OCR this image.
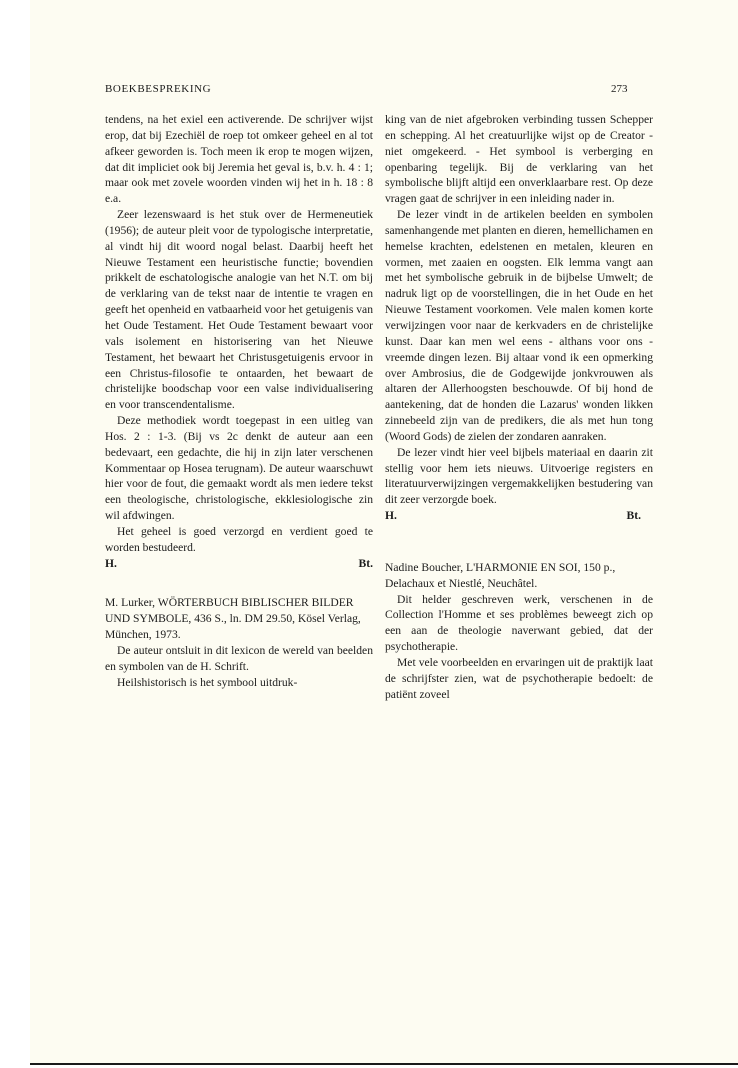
BOEKBESPREKING	273

tendens, na het exiel een activerende. De schrijver wijst erop, dat bij Ezechiël de roep tot omkeer geheel en al tot afkeer geworden is. Toch meen ik erop te mogen wijzen, dat dit impliciet ook bij Jeremia het geval is, b.v. h. 4 : 1; maar ook met zovele woorden vinden wij het in h. 18 : 8 e.a.

Zeer lezenswaard is het stuk over de Hermeneutiek (1956); de auteur pleit voor de typologische interpretatie, al vindt hij dit woord nogal belast. Daarbij heeft het Nieuwe Testament een heuristische functie; bovendien prikkelt de eschatologische analogie van het N.T. om bij de verklaring van de tekst naar de intentie te vragen en geeft het openheid en vatbaarheid voor het getuigenis van het Oude Testament. Het Oude Testament bewaart voor vals isolement en historisering van het Nieuwe Testament, het bewaart het Christusgetuigenis ervoor in een Christus-filosofie te ontaarden, het bewaart de christelijke boodschap voor een valse individualisering en voor transcendentalisme.

Deze methodiek wordt toegepast in een uitleg van Hos. 2 : 1-3. (Bij vs 2c denkt de auteur aan een bedevaart, een gedachte, die hij in zijn later verschenen Kommentaar op Hosea terugnam). De auteur waarschuwt hier voor de fout, die gemaakt wordt als men iedere tekst een theologische, christologische, ekklesiologische zin wil afdwingen.

Het geheel is goed verzorgd en verdient goed te worden bestudeerd.

H.	Bt.

M. Lurker, WÖRTERBUCH BIBLISCHER BILDER UND SYMBOLE, 436 S., ln. DM 29.50, Kösel Verlag, München, 1973.

De auteur ontsluit in dit lexicon de wereld van beelden en symbolen van de H. Schrift.

Heilshistorisch is het symbool uitdruk-

king van de niet afgebroken verbinding tussen Schepper en schepping. Al het creatuurlijke wijst op de Creator - niet omgekeerd. - Het symbool is verberging en openbaring tegelijk. Bij de verklaring van het symbolische blijft altijd een onverklaarbare rest. Op deze vragen gaat de schrijver in een inleiding nader in.

De lezer vindt in de artikelen beelden en symbolen samenhangende met planten en dieren, hemellichamen en hemelse krachten, edelstenen en metalen, kleuren en vormen, met zaaien en oogsten. Elk lemma vangt aan met het symbolische gebruik in de bijbelse Umwelt; de nadruk ligt op de voorstellingen, die in het Oude en het Nieuwe Testament voorkomen. Vele malen komen korte verwijzingen voor naar de kerkvaders en de christelijke kunst. Daar kan men wel eens - althans voor ons - vreemde dingen lezen. Bij altaar vond ik een opmerking over Ambrosius, die de Godgewijde jonkvrouwen als altaren der Allerhoogsten beschouwde. Of bij hond de aantekening, dat de honden die Lazarus' wonden likken zinnebeeld zijn van de predikers, die als met hun tong (Woord Gods) de zielen der zondaren aanraken.

De lezer vindt hier veel bijbels materiaal en daarin zit stellig voor hem iets nieuws. Uitvoerige registers en literatuurverwijzingen vergemakkelijken bestudering van dit zeer verzorgde boek.

H.	Bt.

Nadine Boucher, L'HARMONIE EN SOI, 150 p., Delachaux et Niestlé, Neuchâtel.

Dit helder geschreven werk, verschenen in de Collection l'Homme et ses problèmes beweegt zich op een aan de theologie naverwant gebied, dat der psychotherapie.

Met vele voorbeelden en ervaringen uit de praktijk laat de schrijfster zien, wat de psychotherapie bedoelt: de patiënt zoveel
